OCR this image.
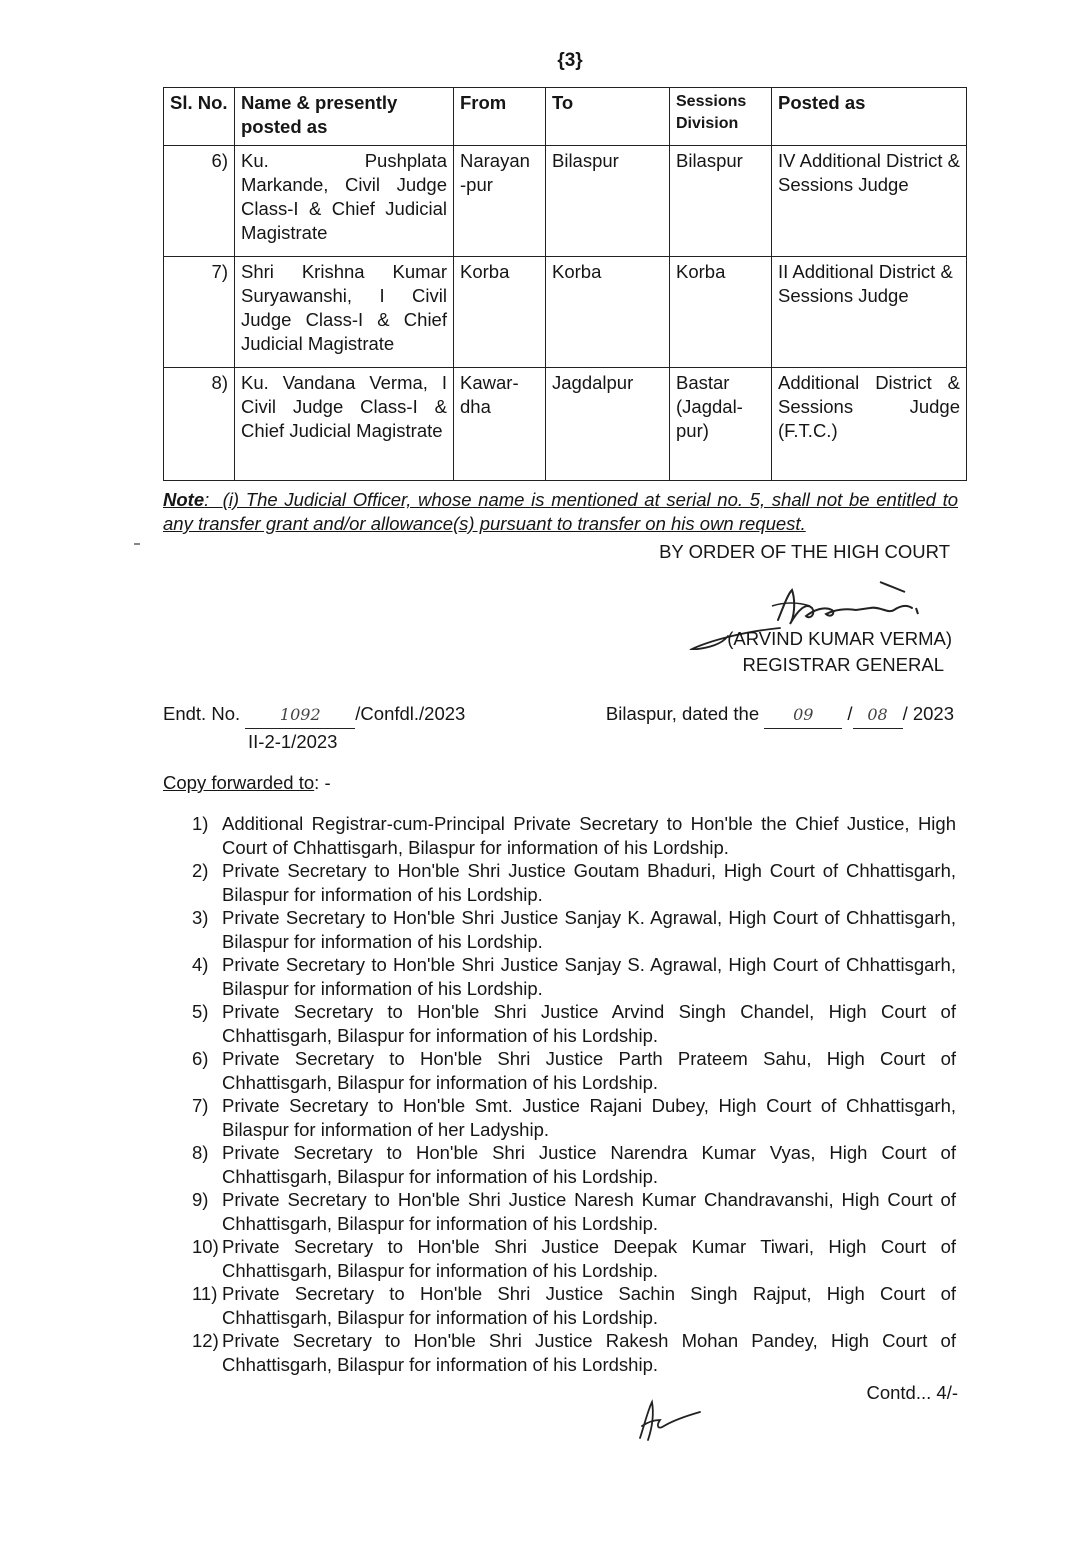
{3}
Sl. No.	Name & presently posted as	From	To	Sessions Division	Posted as
6)	Ku. Pushplata Markande, Civil Judge Class-I & Chief Judicial Magistrate	Narayan -pur	Bilaspur	Bilaspur	IV Additional District & Sessions Judge
7)	Shri Krishna Kumar Suryawanshi, I Civil Judge Class-I & Chief Judicial Magistrate	Korba	Korba	Korba	II Additional District & Sessions Judge
8)	Ku. Vandana Verma, I Civil Judge Class-I & Chief Judicial Magistrate	Kawar- dha	Jagdalpur	Bastar (Jagdal- pur)	Additional District & Sessions Judge (F.T.C.)
Note:  (i) The Judicial Officer, whose name is mentioned at serial no. 5, shall not be entitled to any transfer grant and/or allowance(s) pursuant to transfer on his own request.
BY ORDER OF THE HIGH COURT
(ARVIND KUMAR VERMA)
REGISTRAR GENERAL
Endt. No. 1092 /Confdl./2023
II-2-1/2023
Bilaspur, dated the 09 / 08 / 2023
Copy forwarded to: -
1) Additional Registrar-cum-Principal Private Secretary to Hon'ble the Chief Justice, High Court of Chhattisgarh, Bilaspur for information of his Lordship.
2) Private Secretary to Hon'ble Shri Justice Goutam Bhaduri, High Court of Chhattisgarh, Bilaspur for information of his Lordship.
3) Private Secretary to Hon'ble Shri Justice Sanjay K. Agrawal, High Court of Chhattisgarh, Bilaspur for information of his Lordship.
4) Private Secretary to Hon'ble Shri Justice Sanjay S. Agrawal, High Court of Chhattisgarh, Bilaspur for information of his Lordship.
5) Private Secretary to Hon'ble Shri Justice Arvind Singh Chandel, High Court of Chhattisgarh, Bilaspur for information of his Lordship.
6) Private Secretary to Hon'ble Shri Justice Parth Prateem Sahu, High Court of Chhattisgarh, Bilaspur for information of his Lordship.
7) Private Secretary to Hon'ble Smt. Justice Rajani Dubey, High Court of Chhattisgarh, Bilaspur for information of her Ladyship.
8) Private Secretary to Hon'ble Shri Justice Narendra Kumar Vyas, High Court of Chhattisgarh, Bilaspur for information of his Lordship.
9) Private Secretary to Hon'ble Shri Justice Naresh Kumar Chandravanshi, High Court of Chhattisgarh, Bilaspur for information of his Lordship.
10) Private Secretary to Hon'ble Shri Justice Deepak Kumar Tiwari, High Court of Chhattisgarh, Bilaspur for information of his Lordship.
11) Private Secretary to Hon'ble Shri Justice Sachin Singh Rajput, High Court of Chhattisgarh, Bilaspur for information of his Lordship.
12) Private Secretary to Hon'ble Shri Justice Rakesh Mohan Pandey, High Court of Chhattisgarh, Bilaspur for information of his Lordship.
Contd... 4/-
